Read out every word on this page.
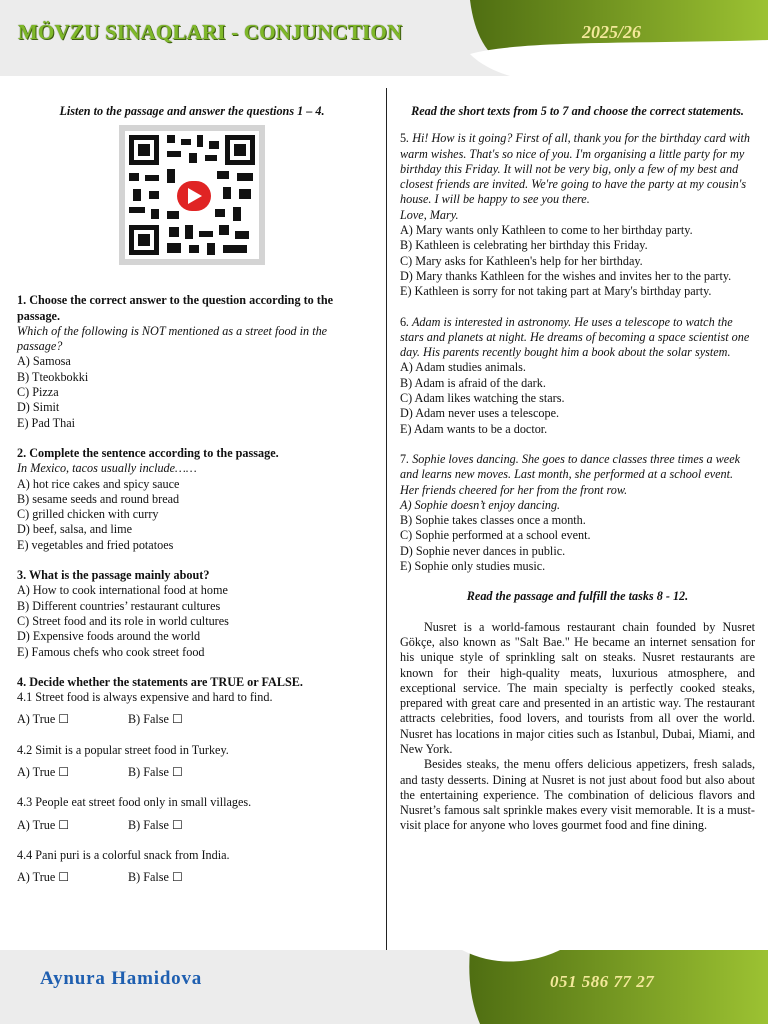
MÖVZU SINAQLARI - CONJUNCTION	2025/26

Listen to the passage and answer the questions 1 – 4.

1. Choose the correct answer to the question according to the passage.

Which of the following is NOT mentioned as a street food in the passage?

A) Samosa

B) Tteokbokki

C) Pizza

D) Simit

E) Pad Thai

2. Complete the sentence according to the passage.

In Mexico, tacos usually include……

A) hot rice cakes and spicy sauce

B) sesame seeds and round bread

C) grilled chicken with curry

D) beef, salsa, and lime

E) vegetables and fried potatoes

3. What is the passage mainly about?

A) How to cook international food at home

B) Different countries’ restaurant cultures

C) Street food and its role in world cultures

D) Expensive foods around the world

E) Famous chefs who cook street food

4. Decide whether the statements are TRUE or FALSE.

4.1 Street food is always expensive and hard to find.

A) True ☐	B) False ☐

4.2 Simit is a popular street food in Turkey.

A) True ☐	B) False ☐

4.3 People eat street food only in small villages.

A) True ☐	B) False ☐

4.4 Pani puri is a colorful snack from India.

A) True ☐	B) False ☐

Read the short texts from 5 to 7 and choose the correct statements.

5. Hi! How is it going? First of all, thank you for the birthday card with warm wishes. That's so nice of you. I'm organising a little party for my birthday this Friday. It will not be very big, only a few of my best and closest friends are invited. We're going to have the party at my cousin's house. I will be happy to see you there.

Love, Mary.

A) Mary wants only Kathleen to come to her birthday party.

B) Kathleen is celebrating her birthday this Friday.

C) Mary asks for Kathleen's help for her birthday.

D) Mary thanks Kathleen for the wishes and invites her to the party.

E) Kathleen is sorry for not taking part at Mary's birthday party.

6. Adam is interested in astronomy. He uses a telescope to watch the stars and planets at night. He dreams of becoming a space scientist one day. His parents recently bought him a book about the solar system.

A) Adam studies animals.

B) Adam is afraid of the dark.

C) Adam likes watching the stars.

D) Adam never uses a telescope.

E) Adam wants to be a doctor.

7. Sophie loves dancing. She goes to dance classes three times a week and learns new moves. Last month, she performed at a school event. Her friends cheered for her from the front row.

A) Sophie doesn’t enjoy dancing.

B) Sophie takes classes once a month.

C) Sophie performed at a school event.

D) Sophie never dances in public.

E) Sophie only studies music.

Read the passage and fulfill the tasks 8 - 12.

Nusret is a world-famous restaurant chain founded by Nusret Gökçe, also known as "Salt Bae." He became an internet sensation for his unique style of sprinkling salt on steaks. Nusret restaurants are known for their high-quality meats, luxurious atmosphere, and exceptional service. The main specialty is perfectly cooked steaks, prepared with great care and presented in an artistic way. The restaurant attracts celebrities, food lovers, and tourists from all over the world. Nusret has locations in major cities such as Istanbul, Dubai, Miami, and New York.

Besides steaks, the menu offers delicious appetizers, fresh salads, and tasty desserts. Dining at Nusret is not just about food but also about the entertaining experience. The combination of delicious flavors and Nusret’s famous salt sprinkle makes every visit memorable. It is a must-visit place for anyone who loves gourmet food and fine dining.

Aynura Hamidova	051 586 77 27
